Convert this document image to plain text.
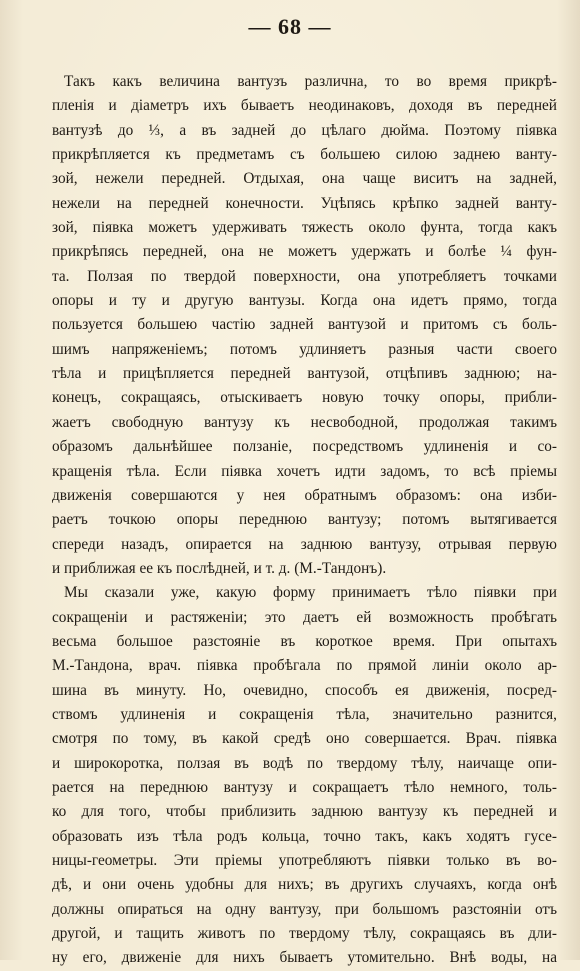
— 68 —
Такъ какъ величина вантузъ различна, то во время прикрѣ-
пленія и діаметръ ихъ бываетъ неодинаковъ, доходя въ передней
вантузѣ до ⅓, а въ задней до цѣлаго дюйма. Поэтому піявка
прикрѣпляется къ предметамъ съ большею силою заднею ванту-
зой, нежели передней. Отдыхая, она чаще виситъ на задней,
нежели на передней конечности. Уцѣпясь крѣпко задней ванту-
зой, піявка можетъ удерживать тяжесть около фунта, тогда какъ
прикрѣпясь передней, она не можетъ удержать и болѣе ¼ фун-
та. Ползая по твердой поверхности, она употребляетъ точками
опоры и ту и другую вантузы. Когда она идетъ прямо, тогда
пользуется большею частію задней вантузой и притомъ съ боль-
шимъ напряженіемъ; потомъ удлиняетъ разныя части своего
тѣла и прицѣпляется передней вантузой, отцѣпивъ заднюю; на-
конецъ, сокращаясь, отыскиваетъ новую точку опоры, прибли-
жаетъ свободную вантузу къ несвободной, продолжая такимъ
образомъ дальнѣйшее ползаніе, посредствомъ удлиненія и со-
кращенія тѣла. Если піявка хочетъ идти задомъ, то всѣ пріемы
движенія совершаются у нея обратнымъ образомъ: она изби-
раетъ точкою опоры переднюю вантузу; потомъ вытягивается
спереди назадъ, опирается на заднюю вантузу, отрывая первую
и приближая ее къ послѣдней, и т. д. (М.-Тандонъ).
Мы сказали уже, какую форму принимаетъ тѣло піявки при
сокращеніи и растяженіи; это даетъ ей возможность пробѣгать
весьма большое разстояніе въ короткое время. При опытахъ
М.-Тандона, врач. піявка пробѣгала по прямой линіи около ар-
шина въ минуту. Но, очевидно, способъ ея движенія, посред-
ствомъ удлиненія и сокращенія тѣла, значительно разнится,
смотря по тому, въ какой средѣ оно совершается. Врач. піявка
и широкоротка, ползая въ водѣ по твердому тѣлу, наичаще опи-
рается на переднюю вантузу и сокращаетъ тѣло немного, толь-
ко для того, чтобы приблизить заднюю вантузу къ передней и
образовать изъ тѣла родъ кольца, точно такъ, какъ ходятъ гусе-
ницы-геометры. Эти пріемы употребляютъ піявки только въ во-
дѣ, и они очень удобны для нихъ; въ другихъ случаяхъ, когда онѣ
должны опираться на одну вантузу, при большомъ разстояніи отъ
другой, и тащить животъ по твердому тѣлу, сокращаясь въ дли-
ну его, движеніе для нихъ бываетъ утомительно. Внѣ воды, на
